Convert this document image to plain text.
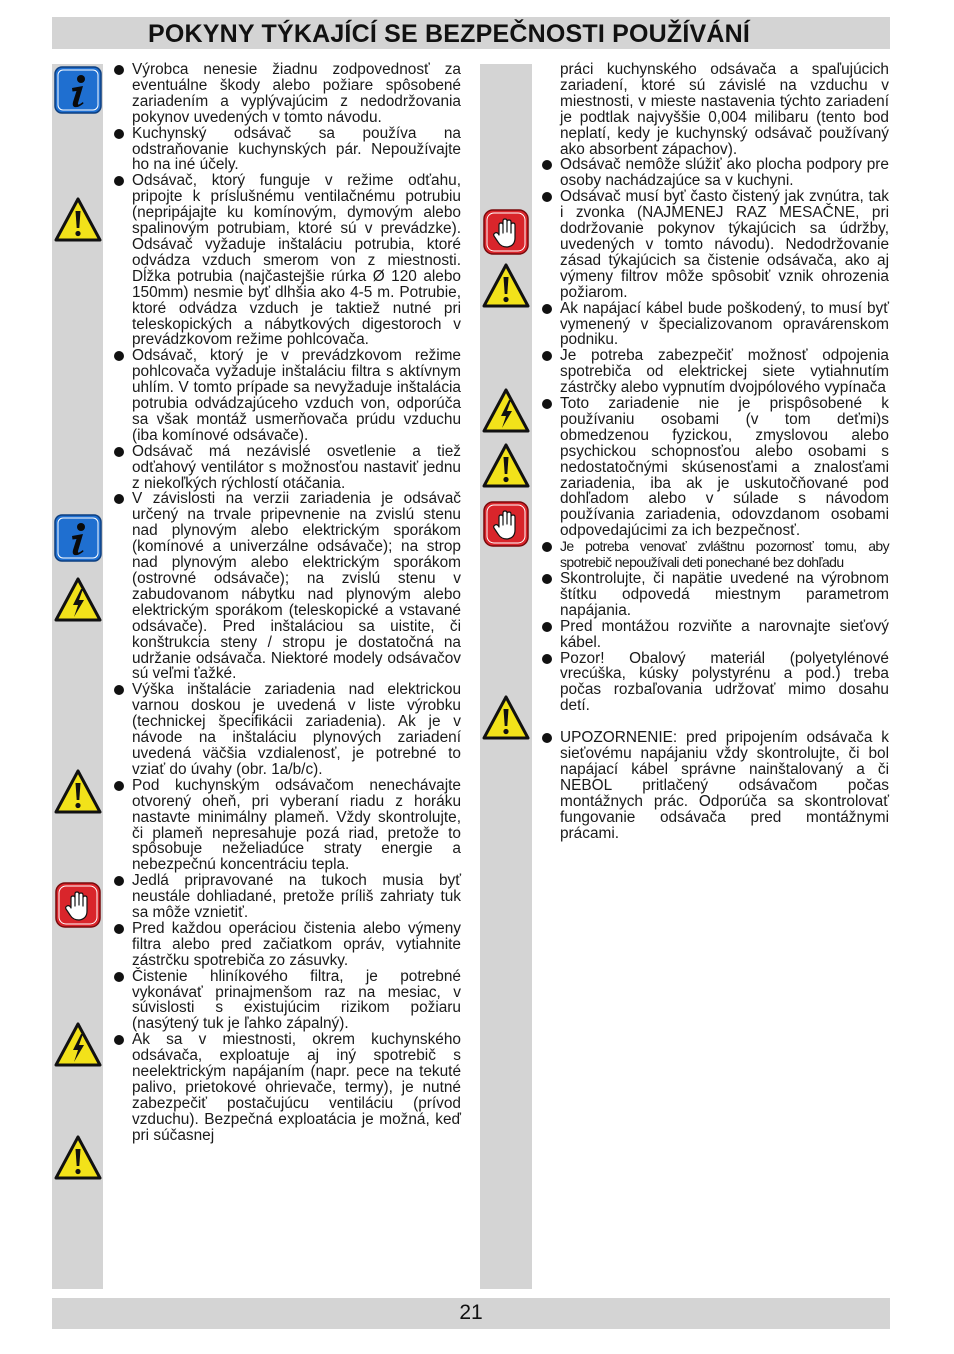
POKYNY TÝKAJÍCÍ SE BEZPEČNOSTI POUŽÍVÁNÍ
Výrobca nenesie žiadnu zodpovednosť za eventuálne škody alebo požiare spôsobené zariadením a vyplývajúcim z nedodržovania pokynov uvedených v tomto návodu.
Kuchynský odsávač sa používa na odstraňovanie kuchynských pár. Nepoužívajte ho na iné účely.
Odsávač, ktorý funguje v režime odťahu, pripojte k príslušnému ventilačnému potrubiu (nepripájajte ku komínovým, dymovým alebo spalinovým potrubiam, ktoré sú v prevádzke). Odsávač vyžaduje inštaláciu potrubia, ktoré odvádza vzduch smerom von z miestnosti. Dĺžka potrubia (najčastejšie rúrka Ø 120 alebo 150mm) nesmie byť dlhšia ako 4-5 m. Potrubie, ktoré odvádza vzduch je taktiež nutné pri teleskopických a nábytkových digestoroch v prevádzkovom režime pohlcovača.
Odsávač, ktorý je v prevádzkovom režime pohlcovača vyžaduje inštaláciu filtra s aktívnym uhlím. V tomto prípade sa nevyžaduje inštalácia potrubia odvádzajúceho vzduch von, odporúča sa však montáž usmerňovača prúdu vzduchu (iba komínové odsávače).
Odsávač má nezávislé osvetlenie a tiež odťahový ventilátor s možnosťou nastaviť jednu z niekoľkých rýchlostí otáčania.
V závislosti na verzii zariadenia je odsávač určený na trvale pripevnenie na zvislú stenu nad plynovým alebo elektrickým sporákom (komínové a univerzálne odsávače); na strop nad plynovým alebo elektrickým sporákom (ostrovné odsávače); na zvislú stenu v zabudovanom nábytku nad plynovým alebo elektrickým sporákom (teleskopické a vstavané odsávače). Pred inštaláciou sa uistite, či konštrukcia steny / stropu je dostatočná na udržanie odsávača. Niektoré modely odsávačov sú veľmi ťažké.
Výška inštalácie zariadenia nad elektrickou varnou doskou je uvedená v liste výrobku (technickej špecifikácii zariadenia). Ak je v návode na inštaláciu plynových zariadení uvedená väčšia vzdialenosť, je potrebné to vziať do úvahy (obr. 1a/b/c).
Pod kuchynským odsávačom nenechávajte otvorený oheň, pri vyberaní riadu z horáku nastavte minimálny plameň. Vždy skontrolujte, či plameň nepresahuje pozá riad, pretože to spôsobuje neželiadúce straty energie a nebezpečnú koncentráciu tepla.
Jedlá pripravované na tukoch musia byť neustále dohliadané, pretože príliš zahriaty tuk sa môže vznietiť.
Pred každou operáciou čistenia alebo výmeny filtra alebo pred začiatkom opráv, vytiahnite zástrčku spotrebiča zo zásuvky.
Čistenie hliníkového filtra, je potrebné vykonávať prinajmenšom raz na mesiac, v súvislosti s existujúcim rizikom požiaru (nasýtený tuk je ľahko zápalný).
Ak sa v miestnosti, okrem kuchynského odsávača, exploatuje aj iný spotrebič s neelektrickým napájaním (napr. pece na tekuté palivo, prietokové ohrievače, termy), je nutné zabezpečiť postačujúcu ventiláciu (prívod vzduchu). Bezpečná exploatácia je možná, keď pri súčasnej
práci kuchynského odsávača a spaľujúcich zariadení, ktoré sú závislé na vzduchu v miestnosti, v mieste nastavenia týchto zariadení je podtlak najvyššie 0,004 milibaru (tento bod neplatí, kedy je kuchynský odsávač používaný ako absorbent zápachov).
Odsávač nemôže slúžiť ako plocha podpory pre osoby nachádzajúce sa v kuchyni.
Odsávač musí byť často čistený jak zvnútra, tak i zvonka (NAJMENEJ RAZ MESAČNE, pri dodržovanie pokynov týkajúcich sa údržby, uvedených v tomto návodu). Nedodržovanie zásad týkajúcich sa čistenie odsávača, ako aj výmeny filtrov môže spôsobiť vznik ohrozenia požiarom.
Ak napájací kábel bude poškodený, to musí byť vymenený v špecializovanom opravárenskom podniku.
Je potreba zabezpečiť možnosť odpojenia spotrebiča od elektrickej siete vytiahnutím zástrčky alebo vypnutím dvojpólového vypínača
Toto zariadenie nie je prispôsobené k používaniu osobami (v tom deťmi)s obmedzenou fyzickou, zmyslovou alebo psychickou schopnosťou alebo osobami s nedostatočnými skúsenosťami a znalosťami zariadenia, iba ak je uskutočňované pod dohľadom alebo v súlade s návodom používania zariadenia, odovzdanom osobami odpovedajúcimi za ich bezpečnosť.
Je potreba venovať zvláštnu pozornosť tomu, aby spotrebič nepoužívali deti ponechané bez dohľadu
Skontrolujte, či napätie uvedené na výrobnom štítku odpovedá miestnym parametrom napájania.
Pred montážou rozviňte a narovnajte sieťový kábel.
Pozor! Obalový materiál (polyetylénové vrecúška, kúsky polystyrénu a pod.) treba počas rozbaľovania udržovať mimo dosahu detí.
UPOZORNENIE: pred pripojením odsávača k sieťovému napájaniu vždy skontrolujte, či bol napájací kábel správne nainštalovaný a či NEBOL pritlačený odsávačom počas montážnych prác. Odporúča sa skontrolovať fungovanie odsávača pred montážnymi prácami.
21
